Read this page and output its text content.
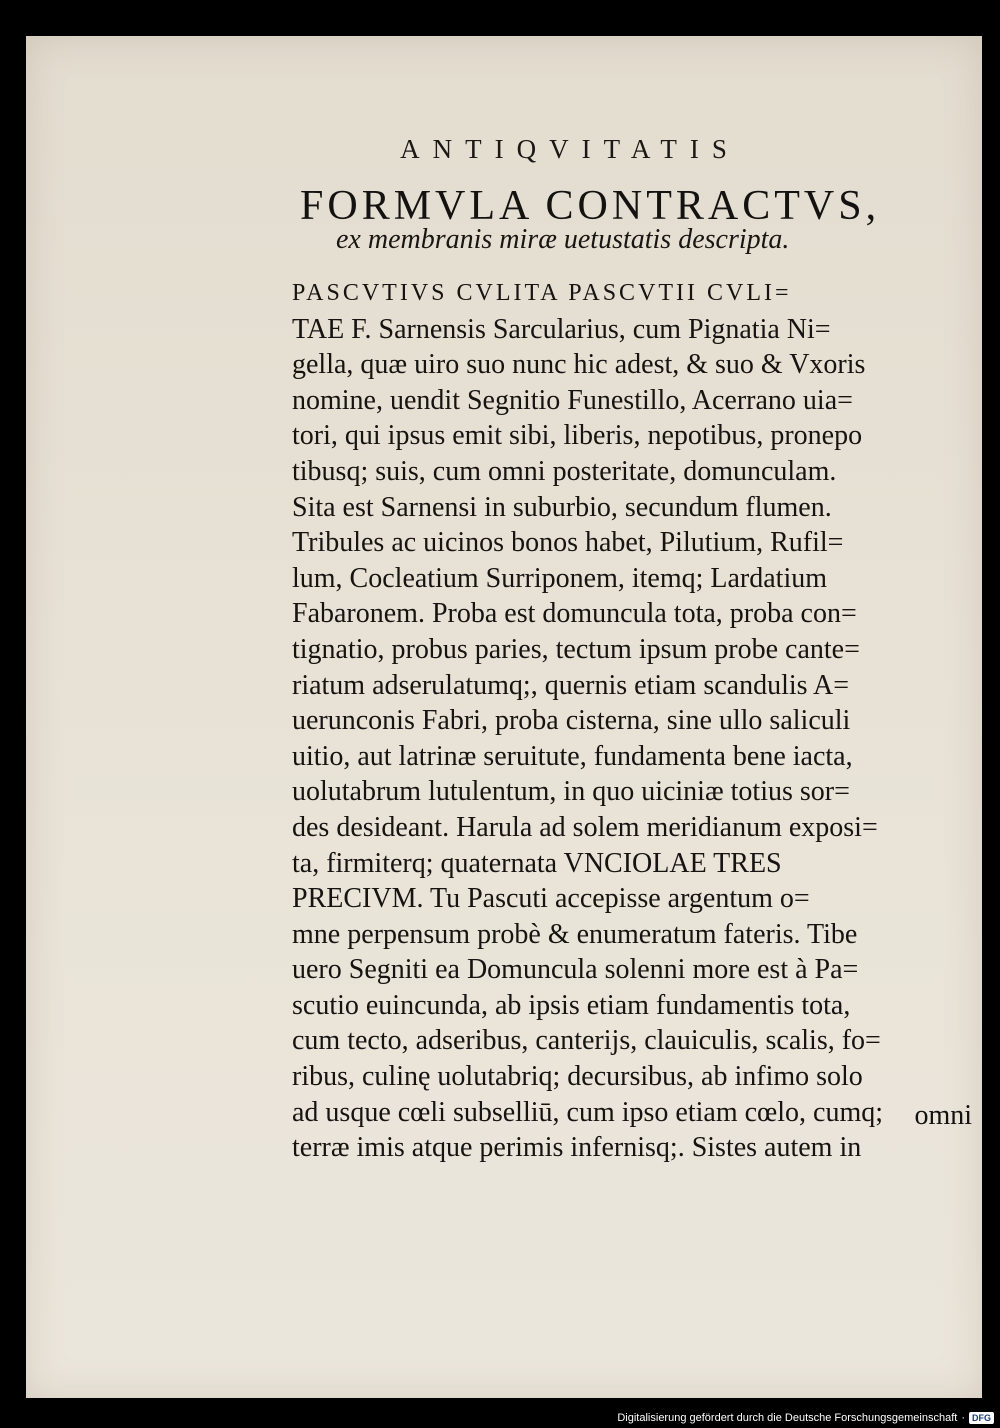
ANTIQVITATIS
FORMVLA CONTRACTVS,
ex membranis miræ uetustatis descripta.
PASCVTIVS CVLITA PASCVTII CVLI=
TAE F. Sarnensis Sarcularius, cum Pignatia Ni=
gella, quæ uiro suo nunc hic adest, & suo & Vxoris
nomine, uendit Segnitio Funestillo, Acerrano uia=
tori, qui ipsus emit sibi, liberis, nepotibus, pronepo
tibusq; suis, cum omni posteritate, domunculam.
Sita est Sarnensi in suburbio, secundum flumen.
Tribules ac uicinos bonos habet, Pilutium, Rufil=
lum, Cocleatium Surriponem, itemq; Lardatium
Fabaronem. Proba est domuncula tota, proba con=
tignatio, probus paries, tectum ipsum probe cante=
riatum adserulatumq;, quernis etiam scandulis A=
uerunconis Fabri, proba cisterna, sine ullo saliculi
uitio, aut latrinæ seruitute, fundamenta bene iacta,
uolutabrum lutulentum, in quo uiciniæ totius sor=
des desideant. Harula ad solem meridianum exposi=
ta, firmiterq; quaternata VNCIOLAE TRES
PRECIVM. Tu Pascuti accepisse argentum o=
mne perpensum probè & enumeratum fateris. Tibe
uero Segniti ea Domuncula solenni more est à Pa=
scutio euincunda, ab ipsis etiam fundamentis tota,
cum tecto, adseribus, canterijs, clauiculis, scalis, fo=
ribus, culinę uolutabriq; decursibus, ab infimo solo
ad usque cœli subselliū, cum ipso etiam cœlo, cumq;
terræ imis atque perimis infernisq;. Sistes autem in
omni
Digitalisierung gefördert durch die Deutsche Forschungsgemeinschaft · DFG
